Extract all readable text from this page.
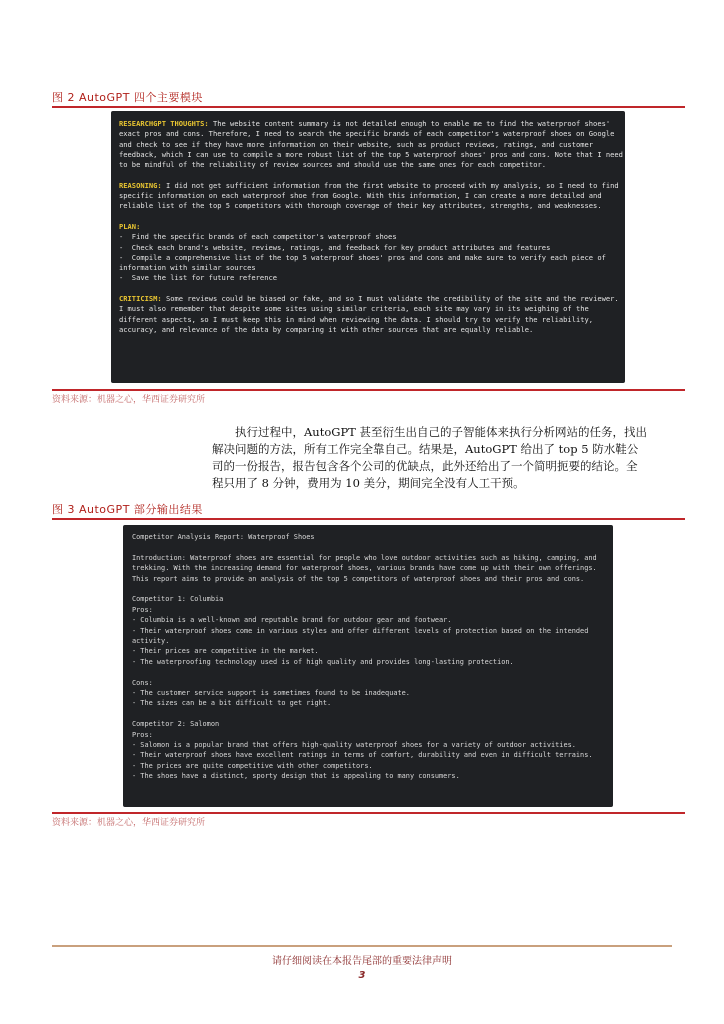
图 2 AutoGPT 四个主要模块

RESEARCHGPT THOUGHTS: The website content summary is not detailed enough to enable me to find the waterproof shoes' exact pros and cons. Therefore, I need to search the specific brands of each competitor's waterproof shoes on Google and check to see if they have more information on their website, such as product reviews, ratings, and customer feedback, which I can use to compile a more robust list of the top 5 waterproof shoes' pros and cons. Note that I need to be mindful of the reliability of review sources and should use the same ones for each competitor.

REASONING: I did not get sufficient information from the first website to proceed with my analysis, so I need to find specific information on each waterproof shoe from Google. With this information, I can create a more detailed and reliable list of the top 5 competitors with thorough coverage of their key attributes, strengths, and weaknesses.

PLAN:
-  Find the specific brands of each competitor's waterproof shoes
-  Check each brand's website, reviews, ratings, and feedback for key product attributes and features
-  Compile a comprehensive list of the top 5 waterproof shoes' pros and cons and make sure to verify each piece of information with similar sources
-  Save the list for future reference

CRITICISM: Some reviews could be biased or fake, and so I must validate the credibility of the site and the reviewer. I must also remember that despite some sites using similar criteria, each site may vary in its weighing of the different aspects, so I must keep this in mind when reviewing the data. I should try to verify the reliability, accuracy, and relevance of the data by comparing it with other sources that are equally reliable.

资料来源：机器之心，华西证券研究所
执行过程中，AutoGPT 甚至衍生出自己的子智能体来执行分析网站的任务，找出
解决问题的方法，所有工作完全靠自己。结果是，AutoGPT 给出了 top 5 防水鞋公
司的一份报告，报告包含各个公司的优缺点，此外还给出了一个简明扼要的结论。全
程只用了 8 分钟，费用为 10 美分，期间完全没有人工干预。
图 3 AutoGPT 部分输出结果

Competitor Analysis Report: Waterproof Shoes

Introduction: Waterproof shoes are essential for people who love outdoor activities such as hiking, camping, and trekking. With the increasing demand for waterproof shoes, various brands have come up with their own offerings. This report aims to provide an analysis of the top 5 competitors of waterproof shoes and their pros and cons.

Competitor 1: Columbia
Pros:
- Columbia is a well-known and reputable brand for outdoor gear and footwear.
- Their waterproof shoes come in various styles and offer different levels of protection based on the intended activity.
- Their prices are competitive in the market.
- The waterproofing technology used is of high quality and provides long-lasting protection.

Cons:
- The customer service support is sometimes found to be inadequate.
- The sizes can be a bit difficult to get right.

Competitor 2: Salomon
Pros:
- Salomon is a popular brand that offers high-quality waterproof shoes for a variety of outdoor activities.
- Their waterproof shoes have excellent ratings in terms of comfort, durability and even in difficult terrains.
- The prices are quite competitive with other competitors.
- The shoes have a distinct, sporty design that is appealing to many consumers.

资料来源：机器之心，华西证券研究所
请仔细阅读在本报告尾部的重要法律声明
3
